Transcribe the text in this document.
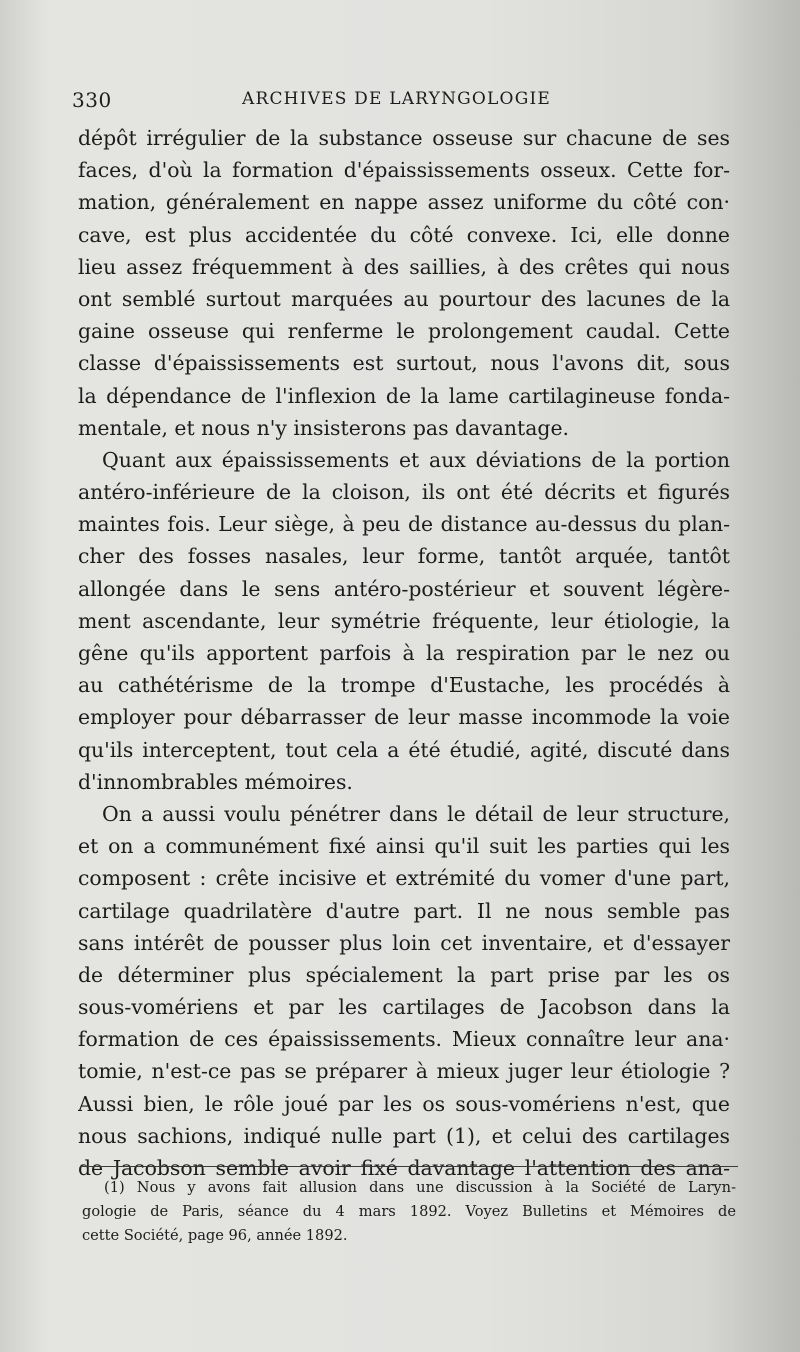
330	ARCHIVES DE LARYNGOLOGIE
dépôt irrégulier de la substance osseuse sur chacune de ses
faces, d'où la formation d'épaississements osseux. Cette for-
mation, généralement en nappe assez uniforme du côté con·
cave, est plus accidentée du côté convexe. Ici, elle donne
lieu assez fréquemment à des saillies, à des crêtes qui nous
ont semblé surtout marquées au pourtour des lacunes de la
gaine osseuse qui renferme le prolongement caudal. Cette
classe d'épaississements est surtout, nous l'avons dit, sous
la dépendance de l'inflexion de la lame cartilagineuse fonda-
mentale, et nous n'y insisterons pas davantage.
Quant aux épaississements et aux déviations de la portion
antéro-inférieure de la cloison, ils ont été décrits et figurés
maintes fois. Leur siège, à peu de distance au-dessus du plan-
cher des fosses nasales, leur forme, tantôt arquée, tantôt
allongée dans le sens antéro-postérieur et souvent légère-
ment ascendante, leur symétrie fréquente, leur étiologie, la
gêne qu'ils apportent parfois à la respiration par le nez ou
au cathétérisme de la trompe d'Eustache, les procédés à
employer pour débarrasser de leur masse incommode la voie
qu'ils interceptent, tout cela a été étudié, agité, discuté dans
d'innombrables mémoires.
On a aussi voulu pénétrer dans le détail de leur structure,
et on a communément fixé ainsi qu'il suit les parties qui les
composent : crête incisive et extrémité du vomer d'une part,
cartilage quadrilatère d'autre part. Il ne nous semble pas
sans intérêt de pousser plus loin cet inventaire, et d'essayer
de déterminer plus spécialement la part prise par les os
sous-vomériens et par les cartilages de Jacobson dans la
formation de ces épaississements. Mieux connaître leur ana·
tomie, n'est-ce pas se préparer à mieux juger leur étiologie ?
Aussi bien, le rôle joué par les os sous-vomériens n'est, que
nous sachions, indiqué nulle part (1), et celui des cartilages
de Jacobson semble avoir fixé davantage l'attention des ana-
(1) Nous y avons fait allusion dans une discussion à la Société de Laryn-
gologie de Paris, séance du 4 mars 1892. Voyez Bulletins et Mémoires de
cette Société, page 96, année 1892.
